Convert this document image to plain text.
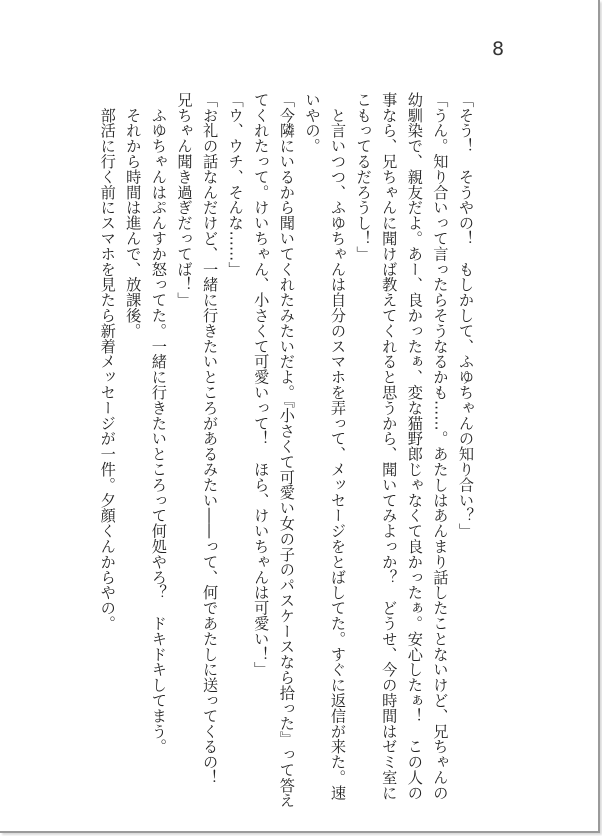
8

「そう！　そうやの！　もしかして、ふゆちゃんの知り合い？」

「うん。知り合いって言ったらそうなるかも……。あたしはあんまり話したことないけど、兄ちゃんの幼馴染で、親友だよ。あー、良かったぁ、変な猫野郎じゃなくて良かったぁ。安心したぁ！　この人の事なら、兄ちゃんに聞けば教えてくれると思うから、聞いてみよっか？　どうせ、今の時間はゼミ室にこもってるだろうし！」

　と言いつつ、ふゆちゃんは自分のスマホを弄って、メッセージをとばしてた。すぐに返信が来た。速いやの。

「今隣にいるから聞いてくれたみたいだよ。『小さくて可愛い女の子のパスケースなら拾った』って答えてくれたって。けいちゃん、小さくて可愛いって！　ほら、けいちゃんは可愛い！」

「ウ、ウチ、そんな……」

「お礼の話なんだけど、一緒に行きたいところがあるみたい――って、何であたしに送ってくるの！　兄ちゃん聞き過ぎだってば！」

　ふゆちゃんはぷんすか怒ってた。一緒に行きたいところって何処やろ？　ドキドキしてまう。

　それから時間は進んで、放課後。

　部活に行く前にスマホを見たら新着メッセージが一件。夕顔くんからやの。
